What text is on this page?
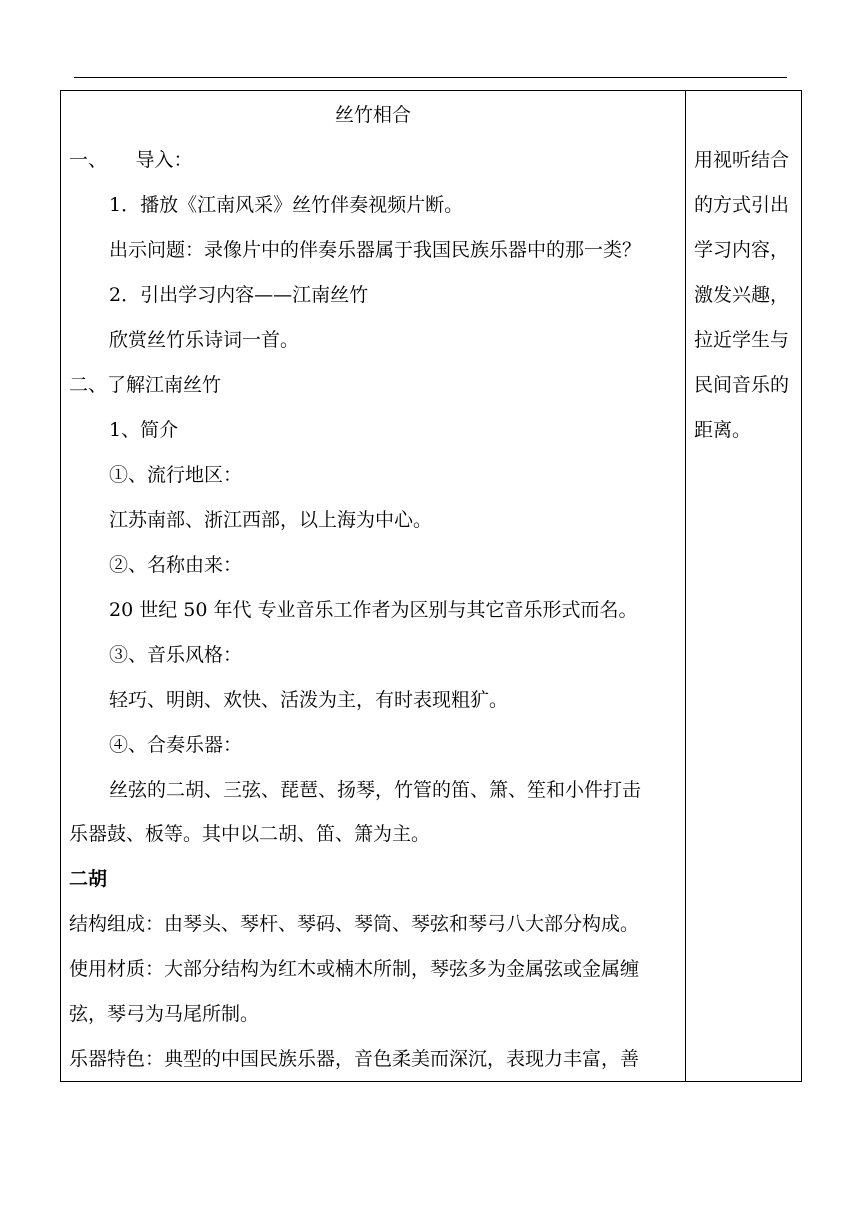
丝竹相合
一、　　导入：
1．播放《江南风采》丝竹伴奏视频片断。
出示问题：录像片中的伴奏乐器属于我国民族乐器中的那一类？
2．引出学习内容——江南丝竹
欣赏丝竹乐诗词一首。
二、了解江南丝竹
1、简介
①、流行地区：
江苏南部、浙江西部，以上海为中心。
②、名称由来：
20 世纪 50 年代 专业音乐工作者为区别与其它音乐形式而名。
③、音乐风格：
轻巧、明朗、欢快、活泼为主，有时表现粗犷。
④、合奏乐器：
丝弦的二胡、三弦、琵琶、扬琴，竹管的笛、箫、笙和小件打击
乐器鼓、板等。其中以二胡、笛、箫为主。
二胡
结构组成：由琴头、琴杆、琴码、琴筒、琴弦和琴弓八大部分构成。
使用材质：大部分结构为红木或楠木所制，琴弦多为金属弦或金属缠
弦，琴弓为马尾所制。
乐器特色：典型的中国民族乐器，音色柔美而深沉，表现力丰富，善
用视听结合
的方式引出
学习内容，
激发兴趣，
拉近学生与
民间音乐的
距离。
